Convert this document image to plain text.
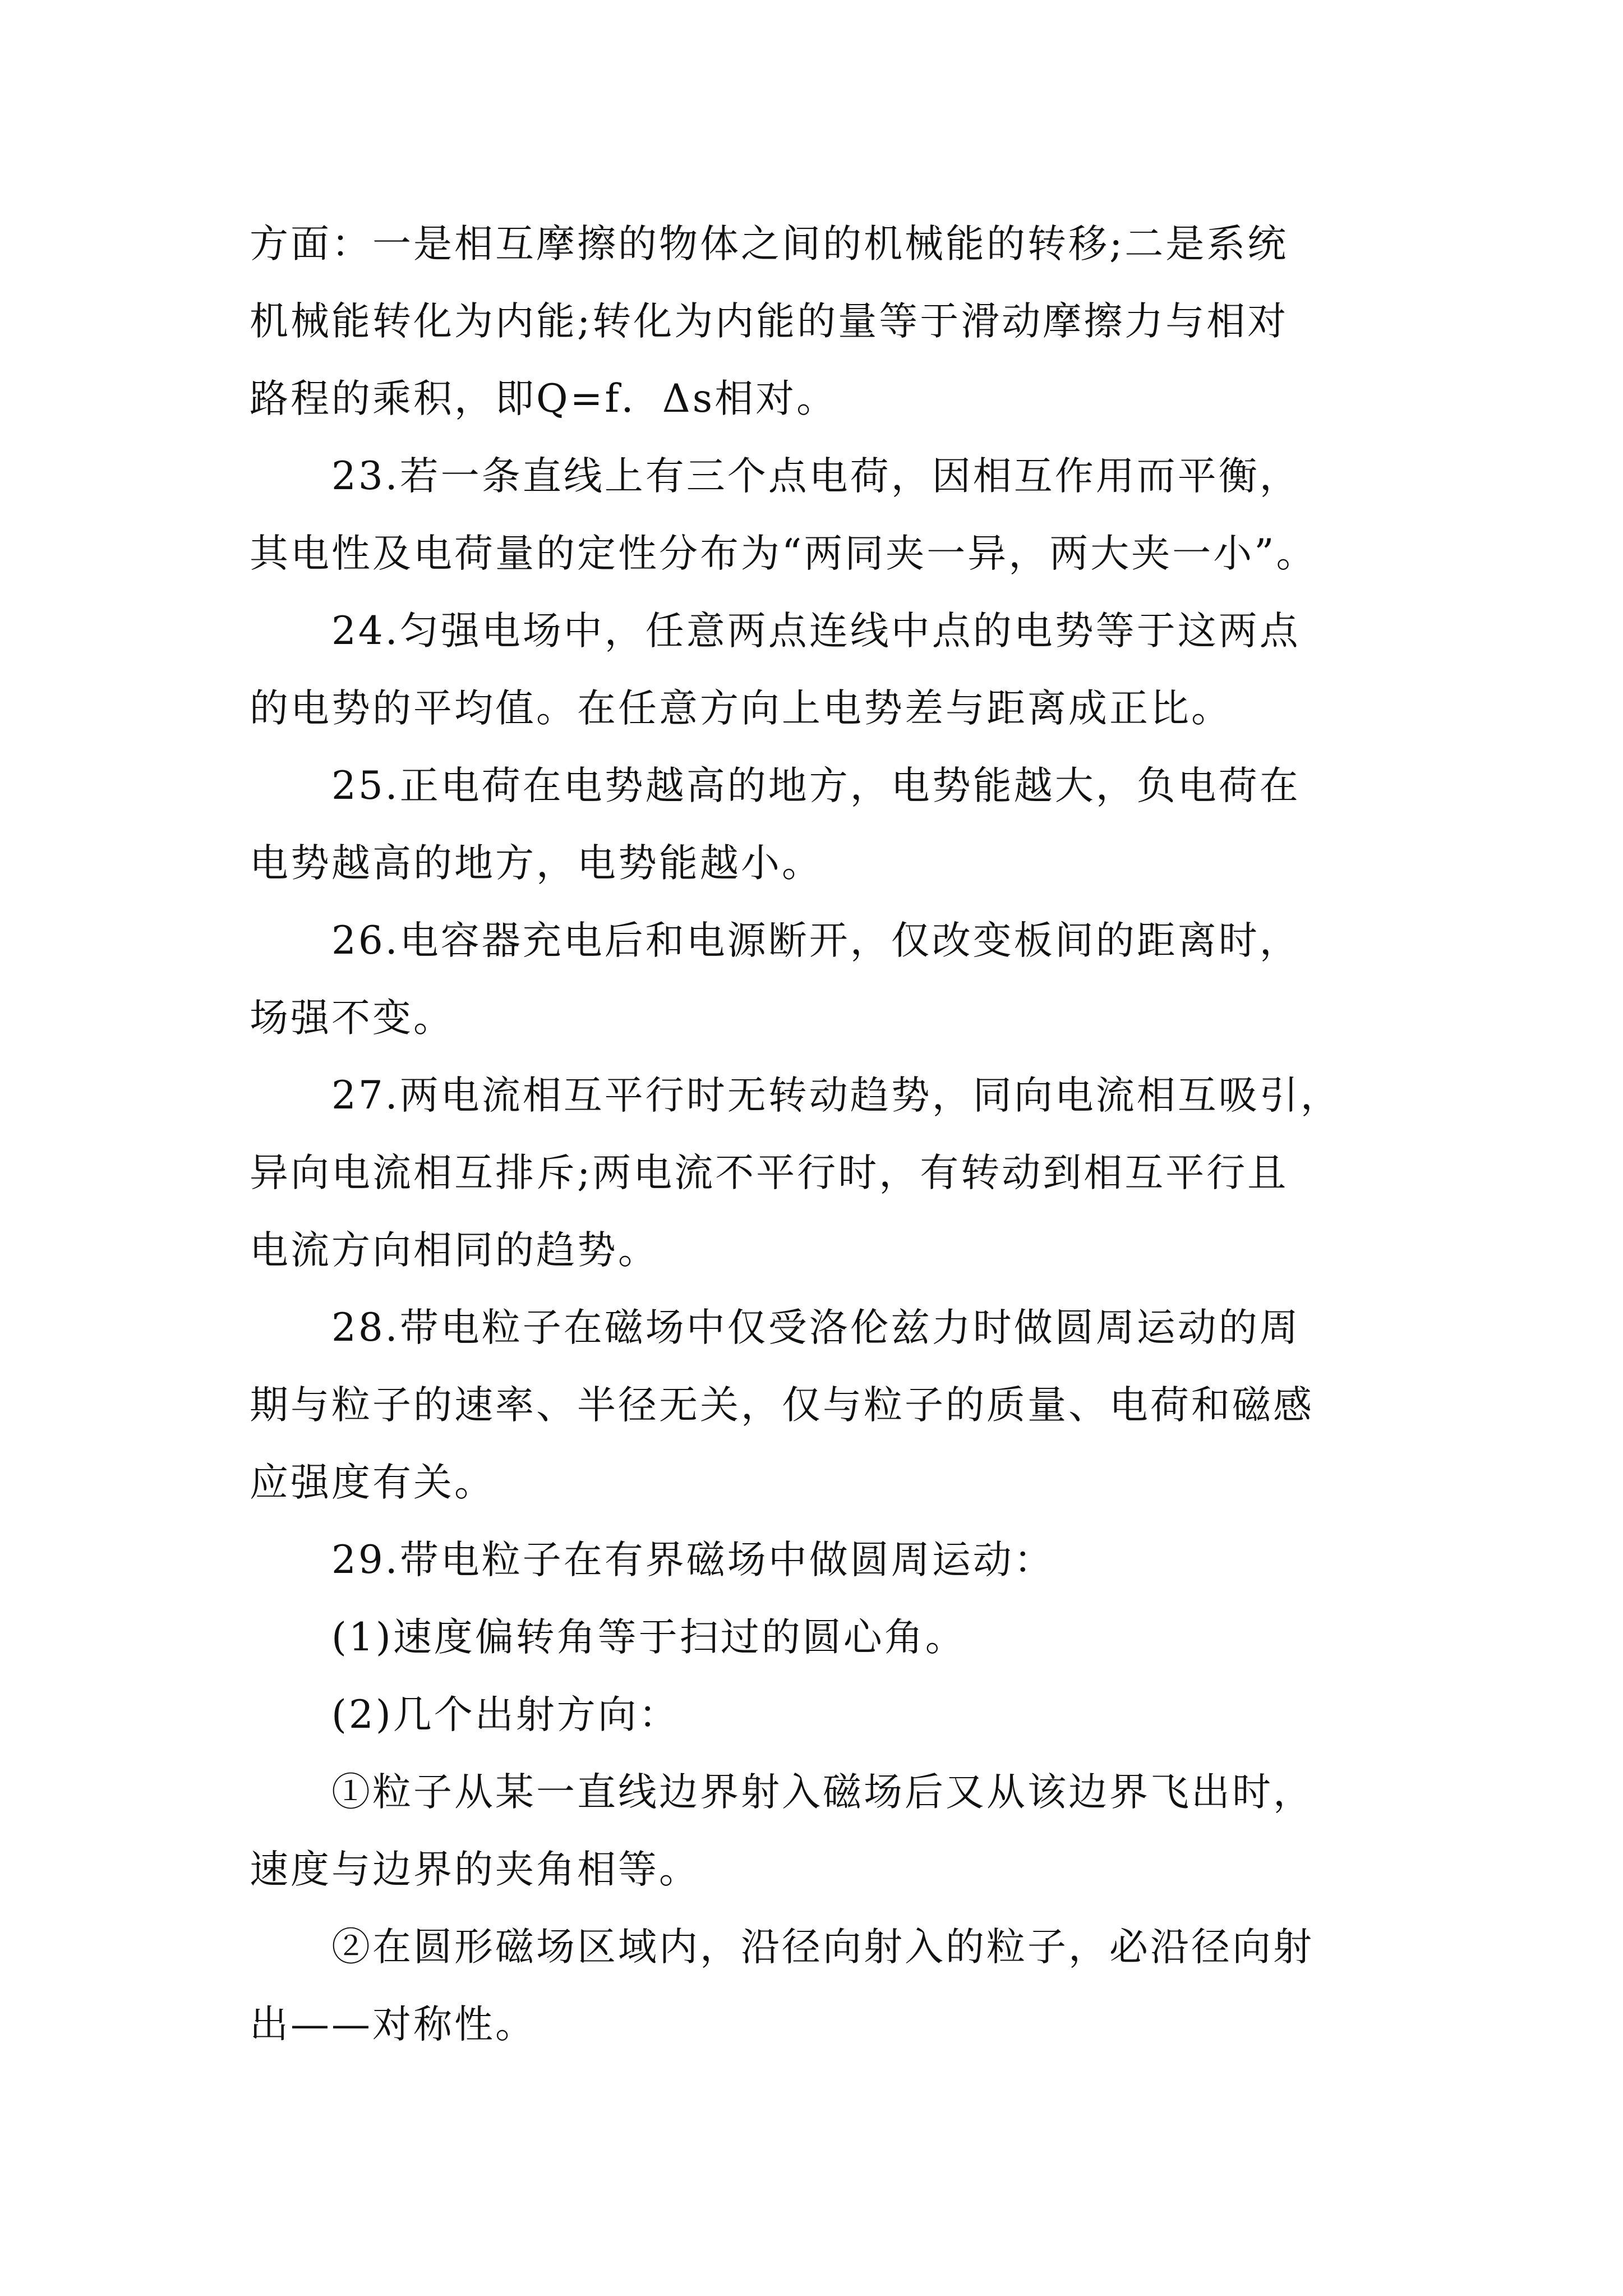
方面：一是相互摩擦的物体之间的机械能的转移;二是系统
机械能转化为内能;转化为内能的量等于滑动摩擦力与相对
路程的乘积，即Q=f．Δs相对。
23.若一条直线上有三个点电荷，因相互作用而平衡，
其电性及电荷量的定性分布为“两同夹一异，两大夹一小”。
24.匀强电场中，任意两点连线中点的电势等于这两点
的电势的平均值。在任意方向上电势差与距离成正比。
25.正电荷在电势越高的地方，电势能越大，负电荷在
电势越高的地方，电势能越小。
26.电容器充电后和电源断开，仅改变板间的距离时，
场强不变。
27.两电流相互平行时无转动趋势，同向电流相互吸引，
异向电流相互排斥;两电流不平行时，有转动到相互平行且
电流方向相同的趋势。
28.带电粒子在磁场中仅受洛伦兹力时做圆周运动的周
期与粒子的速率、半径无关，仅与粒子的质量、电荷和磁感
应强度有关。
29.带电粒子在有界磁场中做圆周运动：
(1)速度偏转角等于扫过的圆心角。
(2)几个出射方向：
①粒子从某一直线边界射入磁场后又从该边界飞出时，
速度与边界的夹角相等。
②在圆形磁场区域内，沿径向射入的粒子，必沿径向射
出——对称性。
